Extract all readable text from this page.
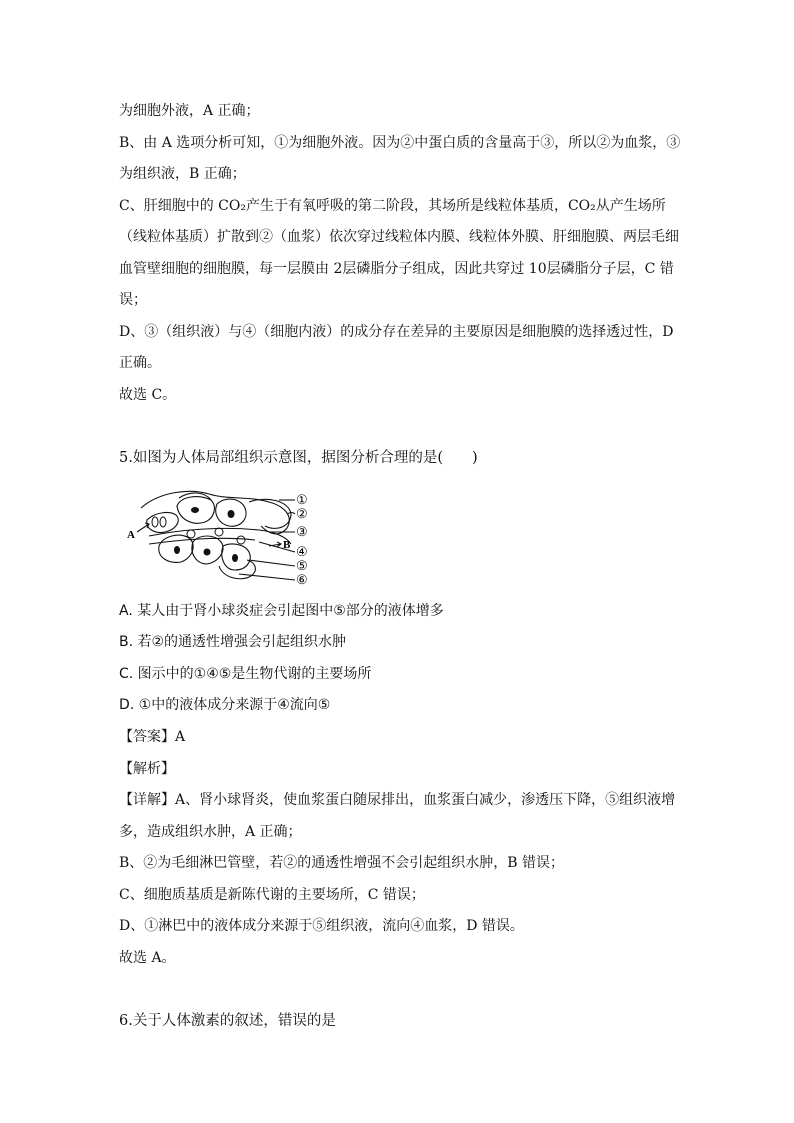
为细胞外液，A 正确；
B、由 A 选项分析可知，①为细胞外液。因为②中蛋白质的含量高于③，所以②为血浆，③
为组织液，B 正确；
C、肝细胞中的 CO₂产生于有氧呼吸的第二阶段，其场所是线粒体基质，CO₂从产生场所
（线粒体基质）扩散到②（血浆）依次穿过线粒体内膜、线粒体外膜、肝细胞膜、两层毛细
血管壁细胞的细胞膜，每一层膜由 2层磷脂分子组成，因此共穿过 10层磷脂分子层，C 错
误；
D、③（组织液）与④（细胞内液）的成分存在差异的主要原因是细胞膜的选择透过性，D
正确。
故选 C。
5.如图为人体局部组织示意图，据图分析合理的是(　　)
A
B
①
②
③
④
⑤
⑥
A. 某人由于肾小球炎症会引起图中⑤部分的液体增多
B. 若②的通透性增强会引起组织水肿
C. 图示中的①④⑤是生物代谢的主要场所
D. ①中的液体成分来源于④流向⑤
【答案】A
【解析】
【详解】A、肾小球肾炎，使血浆蛋白随尿排出，血浆蛋白减少，渗透压下降，⑤组织液增
多，造成组织水肿，A 正确；
B、②为毛细淋巴管壁，若②的通透性增强不会引起组织水肿，B 错误；
C、细胞质基质是新陈代谢的主要场所，C 错误；
D、①淋巴中的液体成分来源于⑤组织液，流向④血浆，D 错误。
故选 A。
6.关于人体激素的叙述，错误的是
